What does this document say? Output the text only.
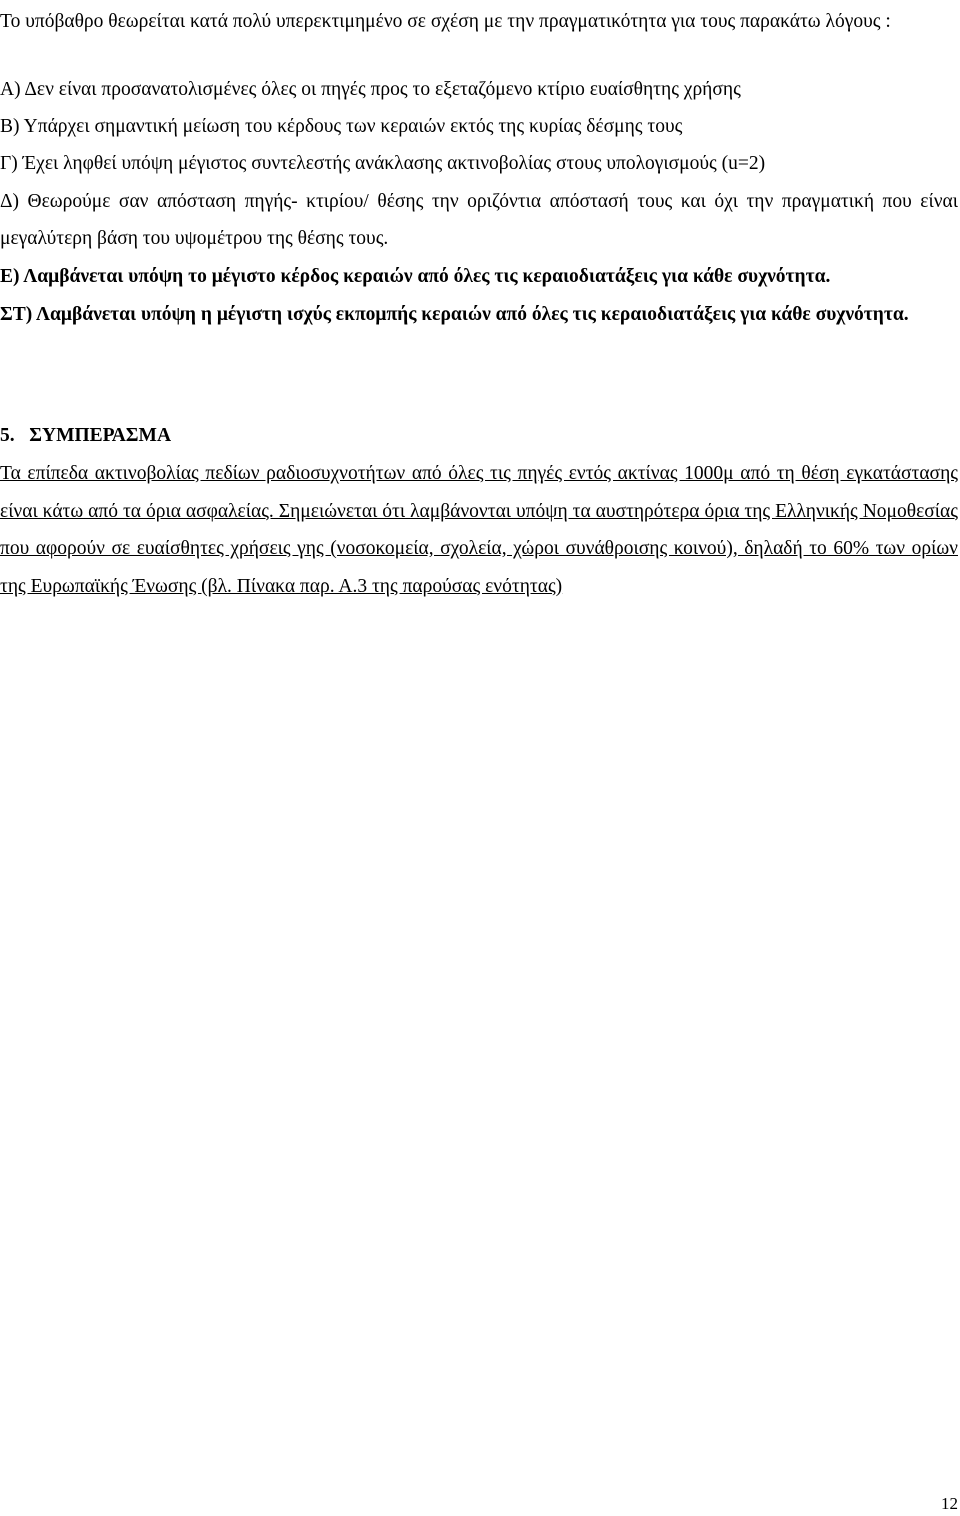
Το υπόβαθρο θεωρείται κατά πολύ υπερεκτιμημένο σε σχέση με την πραγματικότητα για τους παρακάτω λόγους :

Α) Δεν είναι προσανατολισμένες όλες οι πηγές προς το εξεταζόμενο κτίριο ευαίσθητης χρήσης

Β) Υπάρχει σημαντική μείωση του κέρδους των κεραιών εκτός της κυρίας δέσμης τους

Γ) Έχει ληφθεί υπόψη μέγιστος συντελεστής ανάκλασης ακτινοβολίας στους υπολογισμούς (u=2)

Δ) Θεωρούμε σαν απόσταση πηγής- κτιρίου/ θέσης την οριζόντια απόστασή τους και όχι την πραγματική που είναι μεγαλύτερη βάση του υψομέτρου της θέσης τους.

Ε) Λαμβάνεται υπόψη το μέγιστο κέρδος κεραιών από όλες τις κεραιοδιατάξεις για κάθε συχνότητα.

ΣΤ) Λαμβάνεται υπόψη η μέγιστη ισχύς εκπομπής κεραιών από όλες τις κεραιοδιατάξεις για κάθε συχνότητα.

5.   ΣΥΜΠΕΡΑΣΜΑ

Τα επίπεδα ακτινοβολίας πεδίων ραδιοσυχνοτήτων από όλες τις πηγές εντός ακτίνας 1000μ από τη θέση εγκατάστασης είναι κάτω από τα όρια ασφαλείας. Σημειώνεται ότι λαμβάνονται υπόψη τα αυστηρότερα όρια της Ελληνικής Νομοθεσίας που αφορούν σε ευαίσθητες χρήσεις γης (νοσοκομεία, σχολεία, χώροι συνάθροισης κοινού), δηλαδή το 60% των ορίων της Ευρωπαϊκής Ένωσης (βλ. Πίνακα παρ. Α.3 της παρούσας ενότητας)

12
